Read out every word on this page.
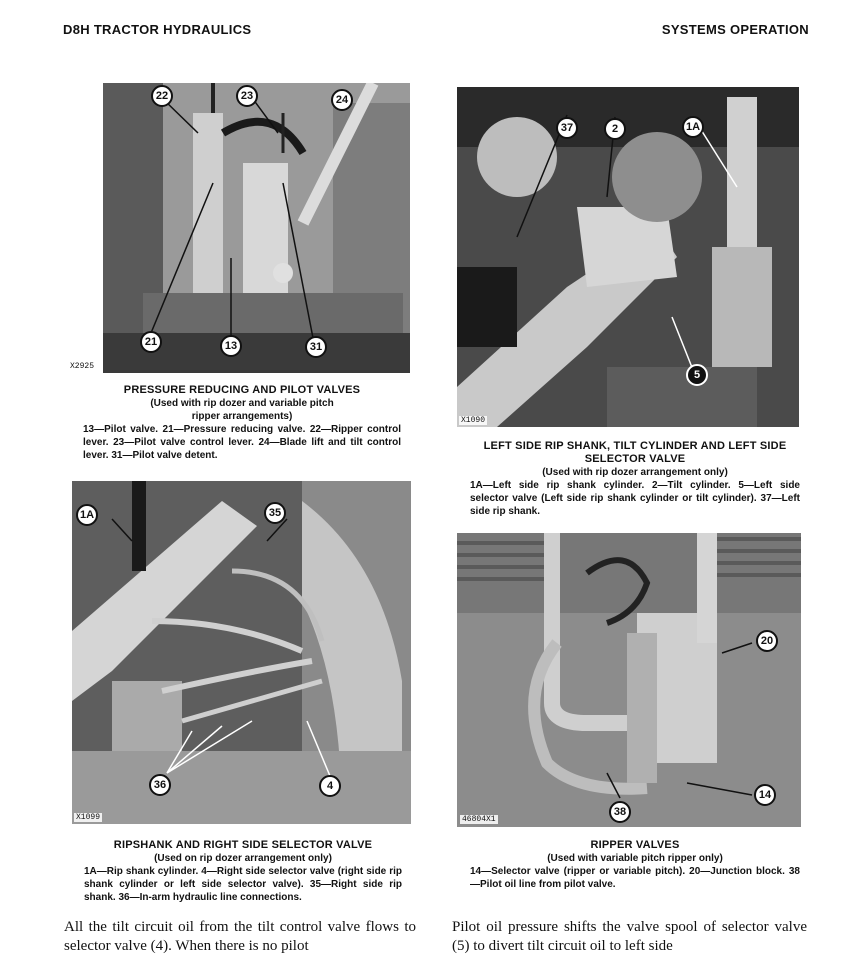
D8H TRACTOR HYDRAULICS	SYSTEMS OPERATION
22	23	24
21	13	31
X2925
PRESSURE REDUCING AND PILOT VALVES
(Used with rip dozer and variable pitch
ripper arrangements)
13—Pilot valve. 21—Pressure reducing valve. 22—Ripper control lever. 23—Pilot valve control lever. 24—Blade lift and tilt control lever. 31—Pilot valve detent.
37	2	1A
5
X1090
LEFT SIDE RIP SHANK, TILT CYLINDER AND LEFT SIDE
SELECTOR VALVE
(Used with rip dozer arrangement only)
1A—Left side rip shank cylinder. 2—Tilt cylinder. 5—Left side selector valve (Left side rip shank cylinder or tilt cylinder). 37—Left side rip shank.
1A	35
36	4
X1099
RIPSHANK AND RIGHT SIDE SELECTOR VALVE
(Used on rip dozer arrangement only)
1A—Rip shank cylinder. 4—Right side selector valve (right side rip shank cylinder or left side selector valve). 35—Right side rip shank. 36—In-arm hydraulic line connections.
20
14
38
46804X1
RIPPER VALVES
(Used with variable pitch ripper only)
14—Selector valve (ripper or variable pitch). 20—Junction block. 38—Pilot oil line from pilot valve.
All the tilt circuit oil from the tilt control valve flows to selector valve (4). When there is no pilot
Pilot oil pressure shifts the valve spool of selector valve (5) to divert tilt circuit oil to left side
